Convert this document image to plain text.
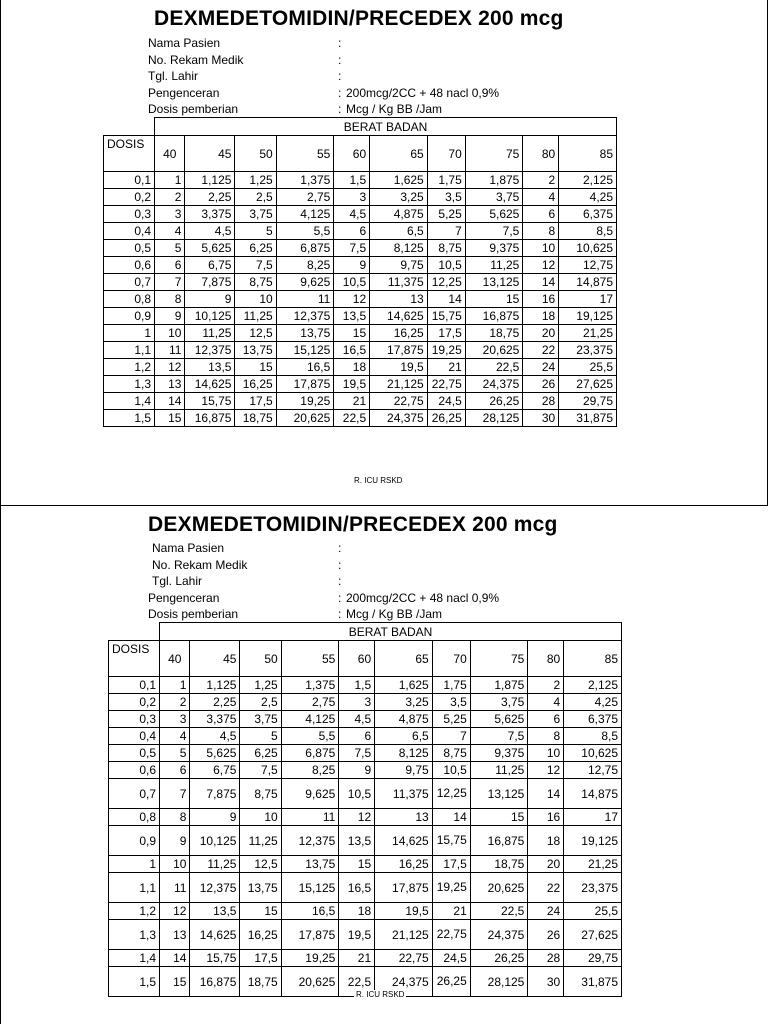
DEXMEDETOMIDIN/PRECEDEX 200 mcg
Nama Pasien	:
No. Rekam Medik	:
Tgl. Lahir	:
Pengenceran	: 200mcg/2CC + 48 nacl 0,9%
Dosis pemberian	: Mcg / Kg BB /Jam
	BERAT BADAN									
DOSIS	40	45	50	55	60	65	70	75	80	85
0,1	1	1,125	1,25	1,375	1,5	1,625	1,75	1,875	2	2,125
0,2	2	2,25	2,5	2,75	3	3,25	3,5	3,75	4	4,25
0,3	3	3,375	3,75	4,125	4,5	4,875	5,25	5,625	6	6,375
0,4	4	4,5	5	5,5	6	6,5	7	7,5	8	8,5
0,5	5	5,625	6,25	6,875	7,5	8,125	8,75	9,375	10	10,625
0,6	6	6,75	7,5	8,25	9	9,75	10,5	11,25	12	12,75
0,7	7	7,875	8,75	9,625	10,5	11,375	12,25	13,125	14	14,875
0,8	8	9	10	11	12	13	14	15	16	17
0,9	9	10,125	11,25	12,375	13,5	14,625	15,75	16,875	18	19,125
1	10	11,25	12,5	13,75	15	16,25	17,5	18,75	20	21,25
1,1	11	12,375	13,75	15,125	16,5	17,875	19,25	20,625	22	23,375
1,2	12	13,5	15	16,5	18	19,5	21	22,5	24	25,5
1,3	13	14,625	16,25	17,875	19,5	21,125	22,75	24,375	26	27,625
1,4	14	15,75	17,5	19,25	21	22,75	24,5	26,25	28	29,75
1,5	15	16,875	18,75	20,625	22,5	24,375	26,25	28,125	30	31,875
R. ICU RSKD
DEXMEDETOMIDIN/PRECEDEX 200 mcg
Nama Pasien	:
No. Rekam Medik	:
Tgl. Lahir	:
Pengenceran	: 200mcg/2CC + 48 nacl 0,9%
Dosis pemberian	: Mcg / Kg BB /Jam
	BERAT BADAN									
DOSIS	40	45	50	55	60	65	70	75	80	85
0,1	1	1,125	1,25	1,375	1,5	1,625	1,75	1,875	2	2,125
0,2	2	2,25	2,5	2,75	3	3,25	3,5	3,75	4	4,25
0,3	3	3,375	3,75	4,125	4,5	4,875	5,25	5,625	6	6,375
0,4	4	4,5	5	5,5	6	6,5	7	7,5	8	8,5
0,5	5	5,625	6,25	6,875	7,5	8,125	8,75	9,375	10	10,625
0,6	6	6,75	7,5	8,25	9	9,75	10,5	11,25	12	12,75
0,7	7	7,875	8,75	9,625	10,5	11,375	12,25	13,125	14	14,875
0,8	8	9	10	11	12	13	14	15	16	17
0,9	9	10,125	11,25	12,375	13,5	14,625	15,75	16,875	18	19,125
1	10	11,25	12,5	13,75	15	16,25	17,5	18,75	20	21,25
1,1	11	12,375	13,75	15,125	16,5	17,875	19,25	20,625	22	23,375
1,2	12	13,5	15	16,5	18	19,5	21	22,5	24	25,5
1,3	13	14,625	16,25	17,875	19,5	21,125	22,75	24,375	26	27,625
1,4	14	15,75	17,5	19,25	21	22,75	24,5	26,25	28	29,75
1,5	15	16,875	18,75	20,625	22,5	24,375	26,25	28,125	30	31,875
R. ICU RSKD
